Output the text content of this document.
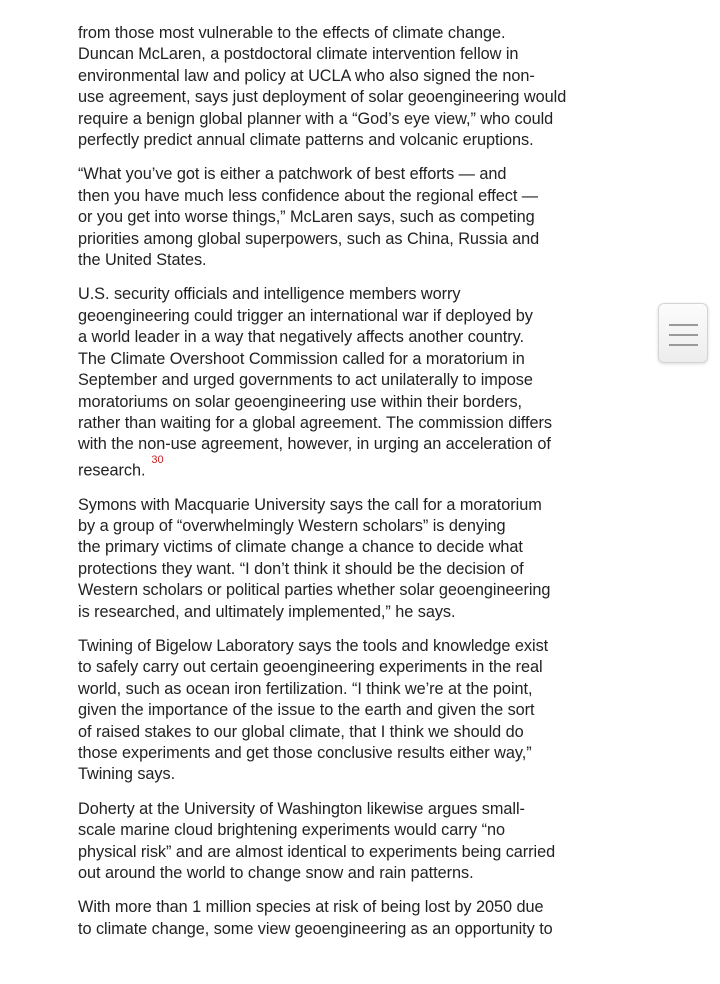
from those most vulnerable to the effects of climate change.
Duncan McLaren, a postdoctoral climate intervention fellow in
environmental law and policy at UCLA who also signed the non-
use agreement, says just deployment of solar geoengineering would
require a benign global planner with a “God’s eye view,” who could
perfectly predict annual climate patterns and volcanic eruptions.

“What you’ve got is either a patchwork of best efforts — and
then you have much less confidence about the regional effect —
or you get into worse things,” McLaren says, such as competing
priorities among global superpowers, such as China, Russia and
the United States.

U.S. security officials and intelligence members worry
geoengineering could trigger an international war if deployed by
a world leader in a way that negatively affects another country.
The Climate Overshoot Commission called for a moratorium in
September and urged governments to act unilaterally to impose
moratoriums on solar geoengineering use within their borders,
rather than waiting for a global agreement. The commission differs
with the non-use agreement, however, in urging an acceleration of
research.$^{30}$

Symons with Macquarie University says the call for a moratorium
by a group of “overwhelmingly Western scholars” is denying
the primary victims of climate change a chance to decide what
protections they want. “I don’t think it should be the decision of
Western scholars or political parties whether solar geoengineering
is researched, and ultimately implemented,” he says.

Twining of Bigelow Laboratory says the tools and knowledge exist
to safely carry out certain geoengineering experiments in the real
world, such as ocean iron fertilization. “I think we’re at the point,
given the importance of the issue to the earth and given the sort
of raised stakes to our global climate, that I think we should do
those experiments and get those conclusive results either way,”
Twining says.

Doherty at the University of Washington likewise argues small-
scale marine cloud brightening experiments would carry “no
physical risk” and are almost identical to experiments being carried
out around the world to change snow and rain patterns.

With more than 1 million species at risk of being lost by 2050 due
to climate change, some view geoengineering as an opportunity to
